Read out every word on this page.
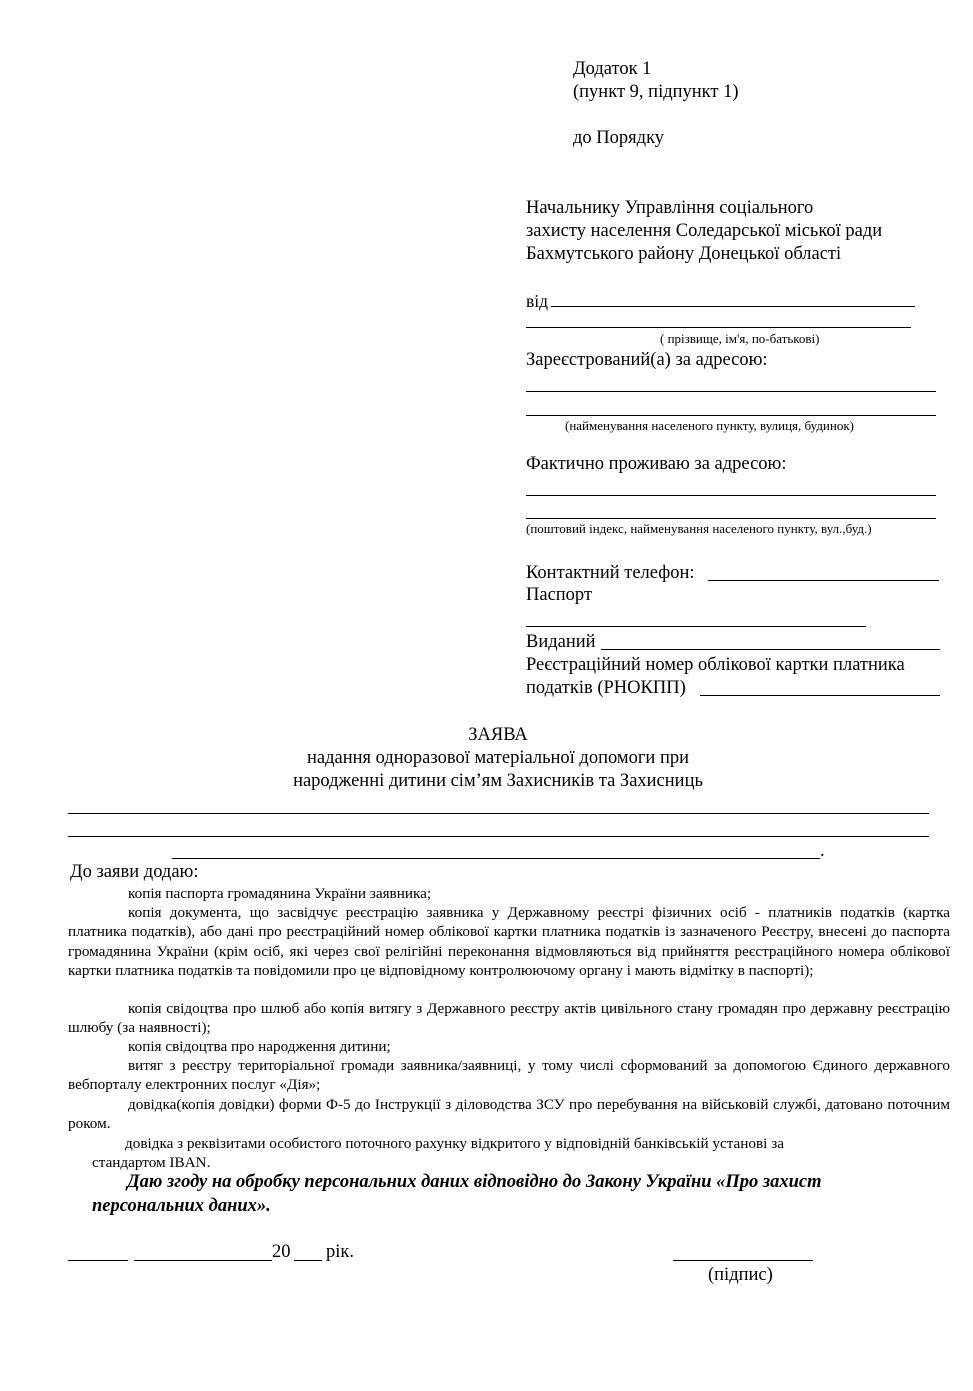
Додаток 1
(пункт 9, підпункт 1)
до Порядку
Начальнику Управління соціального
захисту населення Соледарської міської ради
Бахмутського району Донецької області
від
( прізвище, ім'я, по-батькові)
Зареєстрований(а) за адресою:
(найменування населеного пункту, вулиця, будинок)
Фактично проживаю за адресою:
(поштовий індекс, найменування населеного пункту, вул.,буд.)
Контактний телефон:
Паспорт
Виданий
Реєстраційний номер облікової картки платника
податків (РНОКПП)
ЗАЯВА
надання одноразової матеріальної допомоги при
народженні дитини сім’ям Захисників та Захисниць
.
До заяви додаю:
копія паспорта громадянина України заявника;
копія документа, що засвідчує реєстрацію заявника у Державному реєстрі фізичних осіб - платників податків (картка платника податків), або дані про реєстраційний номер облікової картки платника податків із зазначеного Реєстру, внесені до паспорта громадянина України (крім осіб, які через свої релігійні переконання відмовляються від прийняття реєстраційного номера облікової картки платника податків та повідомили про це відповідному контролюючому органу і мають відмітку в паспорті);
копія свідоцтва про шлюб або копія витягу з Державного реєстру актів цивільного стану громадян про державну реєстрацію шлюбу (за наявності);
копія свідоцтва про народження дитини;
витяг з реєстру територіальної громади заявника/заявниці, у тому числі сформований за допомогою Єдиного державного вебпорталу електронних послуг «Дія»;
довідка(копія довідки) форми Ф-5 до Інструкції з діловодства ЗСУ про перебування на військовій службі, датовано поточним роком.
довідка з реквізитами особистого поточного рахунку відкритого у відповідній банківській установі за
стандартом IBAN.
Даю згоду на обробку персональних даних відповідно до Закону України «Про захист
персональних даних».
20 рік.
(підпис)
